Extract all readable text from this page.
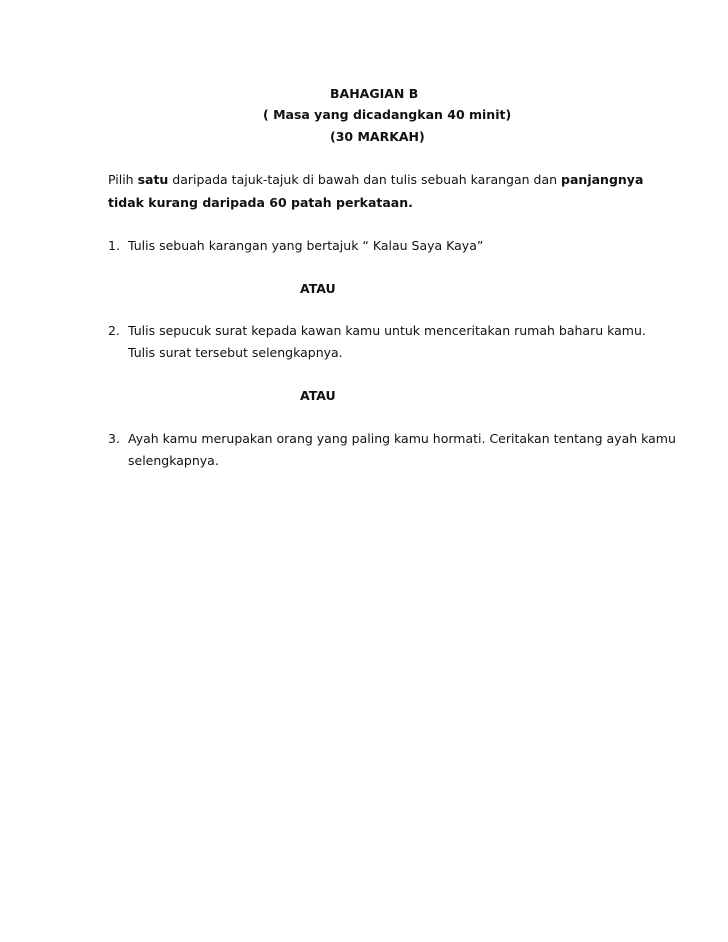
BAHAGIAN B
( Masa yang dicadangkan 40 minit)
(30 MARKAH)
Pilih satu daripada tajuk-tajuk di bawah dan tulis sebuah karangan dan panjangnya
tidak kurang daripada 60 patah perkataan.
1. Tulis sebuah karangan yang bertajuk “ Kalau Saya Kaya”
ATAU
2. Tulis sepucuk surat kepada kawan kamu untuk menceritakan rumah baharu kamu.
Tulis surat tersebut selengkapnya.
ATAU
3. Ayah kamu merupakan orang yang paling kamu hormati. Ceritakan tentang ayah kamu
selengkapnya.
